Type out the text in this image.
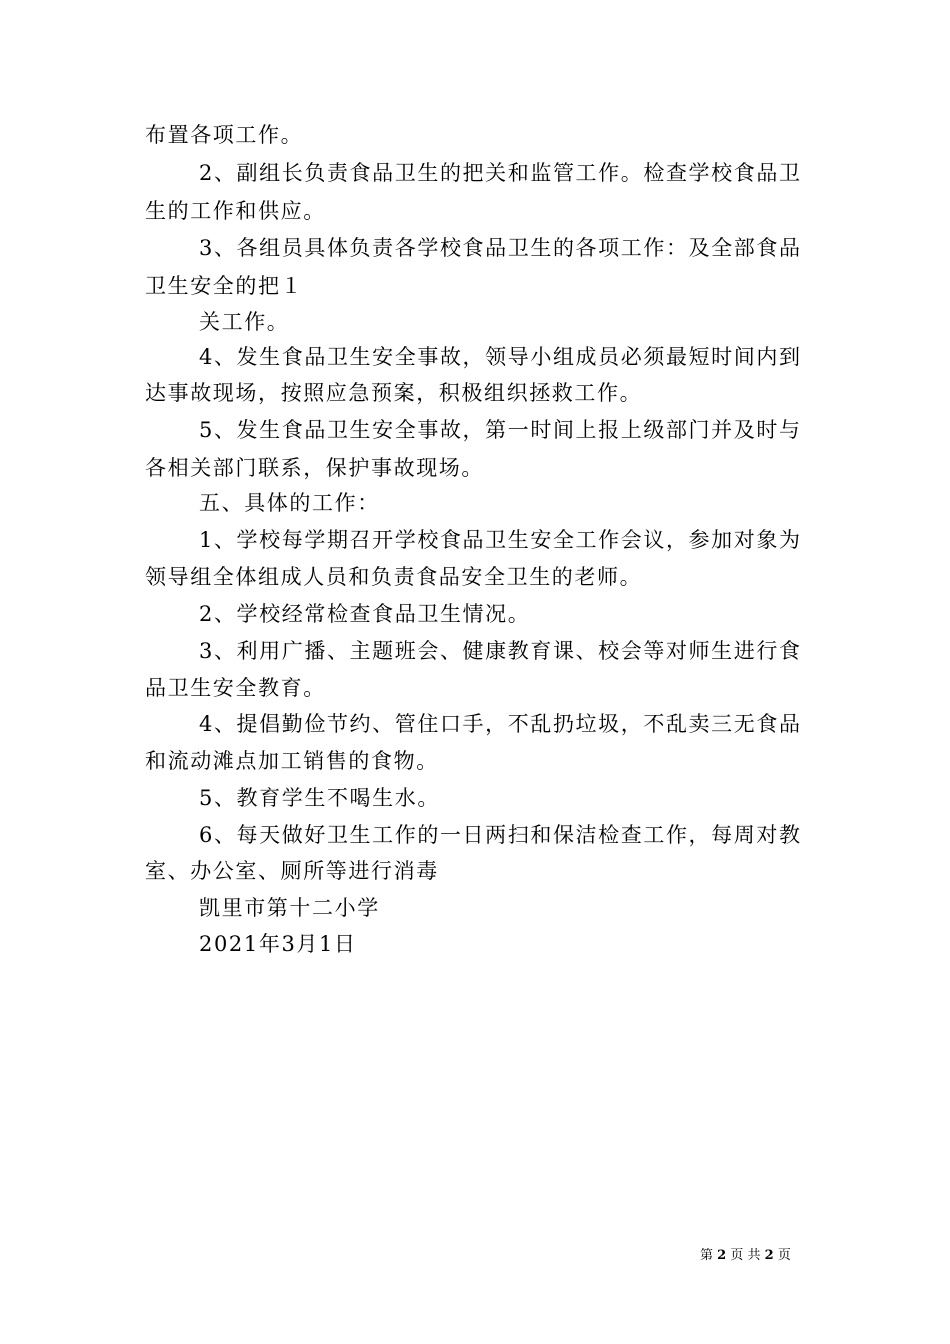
布置各项工作。
2、副组长负责食品卫生的把关和监管工作。检查学校食品卫
生的工作和供应。
3、各组员具体负责各学校食品卫生的各项工作：及全部食品
卫生安全的把１
关工作。
4、发生食品卫生安全事故，领导小组成员必须最短时间内到
达事故现场，按照应急预案，积极组织拯救工作。
5、发生食品卫生安全事故，第一时间上报上级部门并及时与
各相关部门联系，保护事故现场。
五、具体的工作：
1、学校每学期召开学校食品卫生安全工作会议，参加对象为
领导组全体组成人员和负责食品安全卫生的老师。
2、学校经常检查食品卫生情况。
3、利用广播、主题班会、健康教育课、校会等对师生进行食
品卫生安全教育。
4、提倡勤俭节约、管住口手，不乱扔垃圾，不乱卖三无食品
和流动滩点加工销售的食物。
5、教育学生不喝生水。
6、每天做好卫生工作的一日两扫和保洁检查工作，每周对教
室、办公室、厕所等进行消毒
凯里市第十二小学
2021年3月1日
第 2 页 共 2 页
